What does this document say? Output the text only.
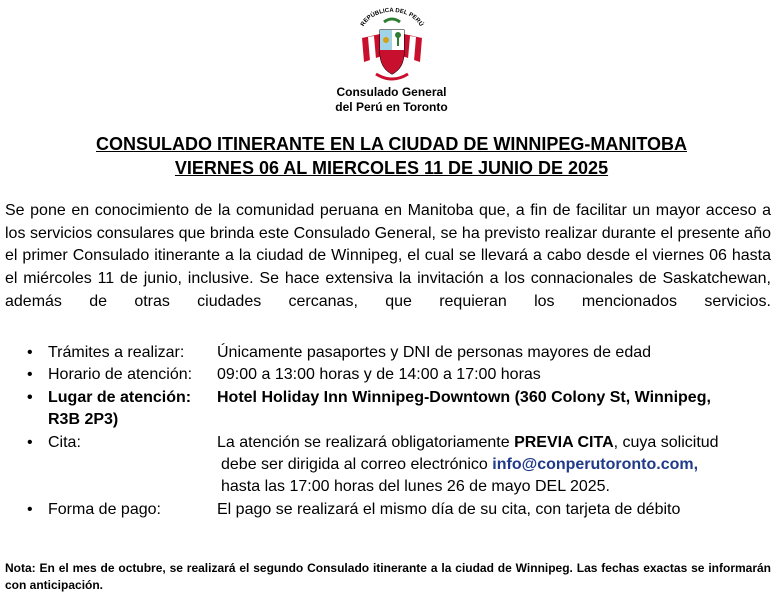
REPÚBLICA DEL PERÚ
Consulado General
del Perú en Toronto
CONSULADO ITINERANTE EN LA CIUDAD DE WINNIPEG-MANITOBA
VIERNES 06 AL MIERCOLES 11 DE JUNIO DE 2025
Se pone en conocimiento de la comunidad peruana en Manitoba que, a fin de facilitar un mayor acceso a los servicios consulares que brinda este Consulado General, se ha previsto realizar durante el presente año el primer Consulado itinerante a la ciudad de Winnipeg, el cual se llevará a cabo desde el viernes 06 hasta el miércoles 11 de junio, inclusive. Se hace extensiva la invitación a los connacionales de Saskatchewan, además de otras ciudades cercanas, que requieran los mencionados servicios.
• Trámites a realizar:	Únicamente pasaportes y DNI de personas mayores de edad
• Horario de atención:	09:00 a 13:00 horas y de 14:00 a 17:00 horas
• Lugar de atención:	Hotel Holiday Inn Winnipeg-Downtown (360 Colony St, Winnipeg,
R3B 2P3)
• Cita:	La atención se realizará obligatoriamente PREVIA CITA, cuya solicitud
debe ser dirigida al correo electrónico info@conperutoronto.com,
hasta las 17:00 horas del lunes 26 de mayo DEL 2025.
• Forma de pago:	El pago se realizará el mismo día de su cita, con tarjeta de débito
Nota: En el mes de octubre, se realizará el segundo Consulado itinerante a la ciudad de Winnipeg. Las fechas exactas se informarán con anticipación.
